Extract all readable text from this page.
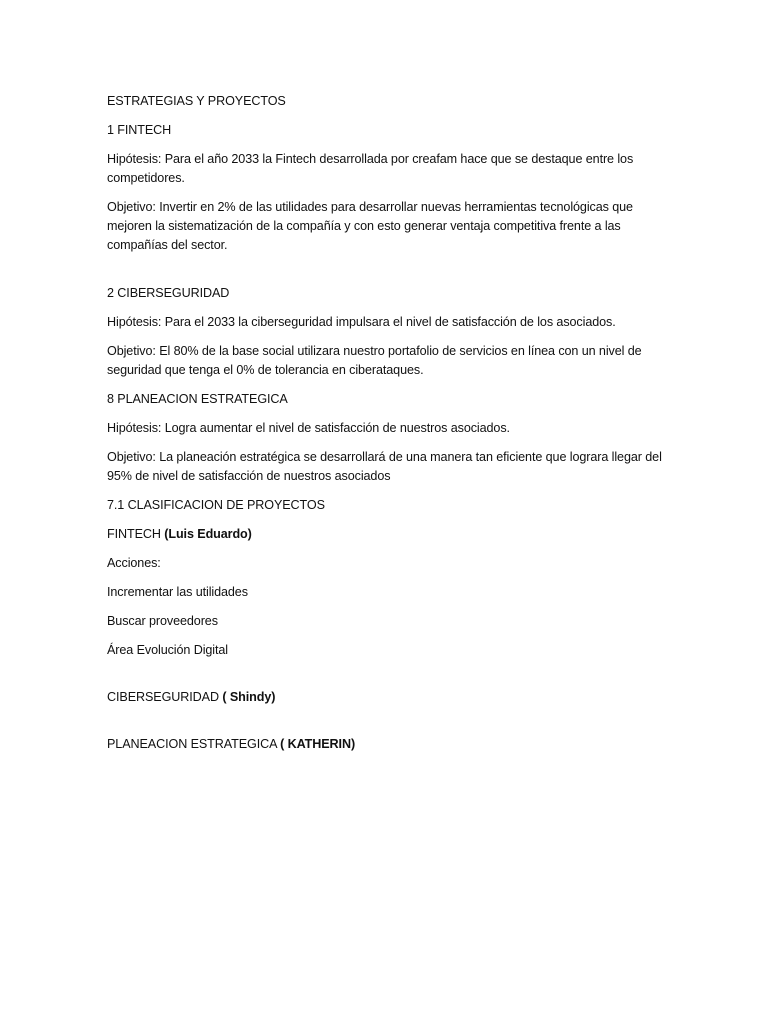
ESTRATEGIAS Y PROYECTOS

1 FINTECH

Hipótesis: Para el año 2033 la Fintech desarrollada por creafam hace que se destaque entre los competidores.

Objetivo: Invertir en 2% de las utilidades para desarrollar nuevas herramientas tecnológicas que mejoren la sistematización de la compañía y con esto generar ventaja competitiva frente a las compañías del sector.

2 CIBERSEGURIDAD

Hipótesis: Para el 2033 la ciberseguridad impulsara el nivel de satisfacción de los asociados.

Objetivo: El 80% de la base social utilizara nuestro portafolio de servicios en línea con un nivel de seguridad que tenga el 0% de tolerancia en ciberataques.

8 PLANEACION ESTRATEGICA

Hipótesis: Logra aumentar el nivel de satisfacción de nuestros asociados.

Objetivo: La planeación estratégica se desarrollará de una manera tan eficiente que lograra llegar del 95% de nivel de satisfacción de nuestros asociados

7.1 CLASIFICACION DE PROYECTOS

FINTECH (Luis Eduardo)

Acciones:

Incrementar las utilidades

Buscar proveedores

Área Evolución Digital

CIBERSEGURIDAD ( Shindy)

PLANEACION ESTRATEGICA ( KATHERIN)
